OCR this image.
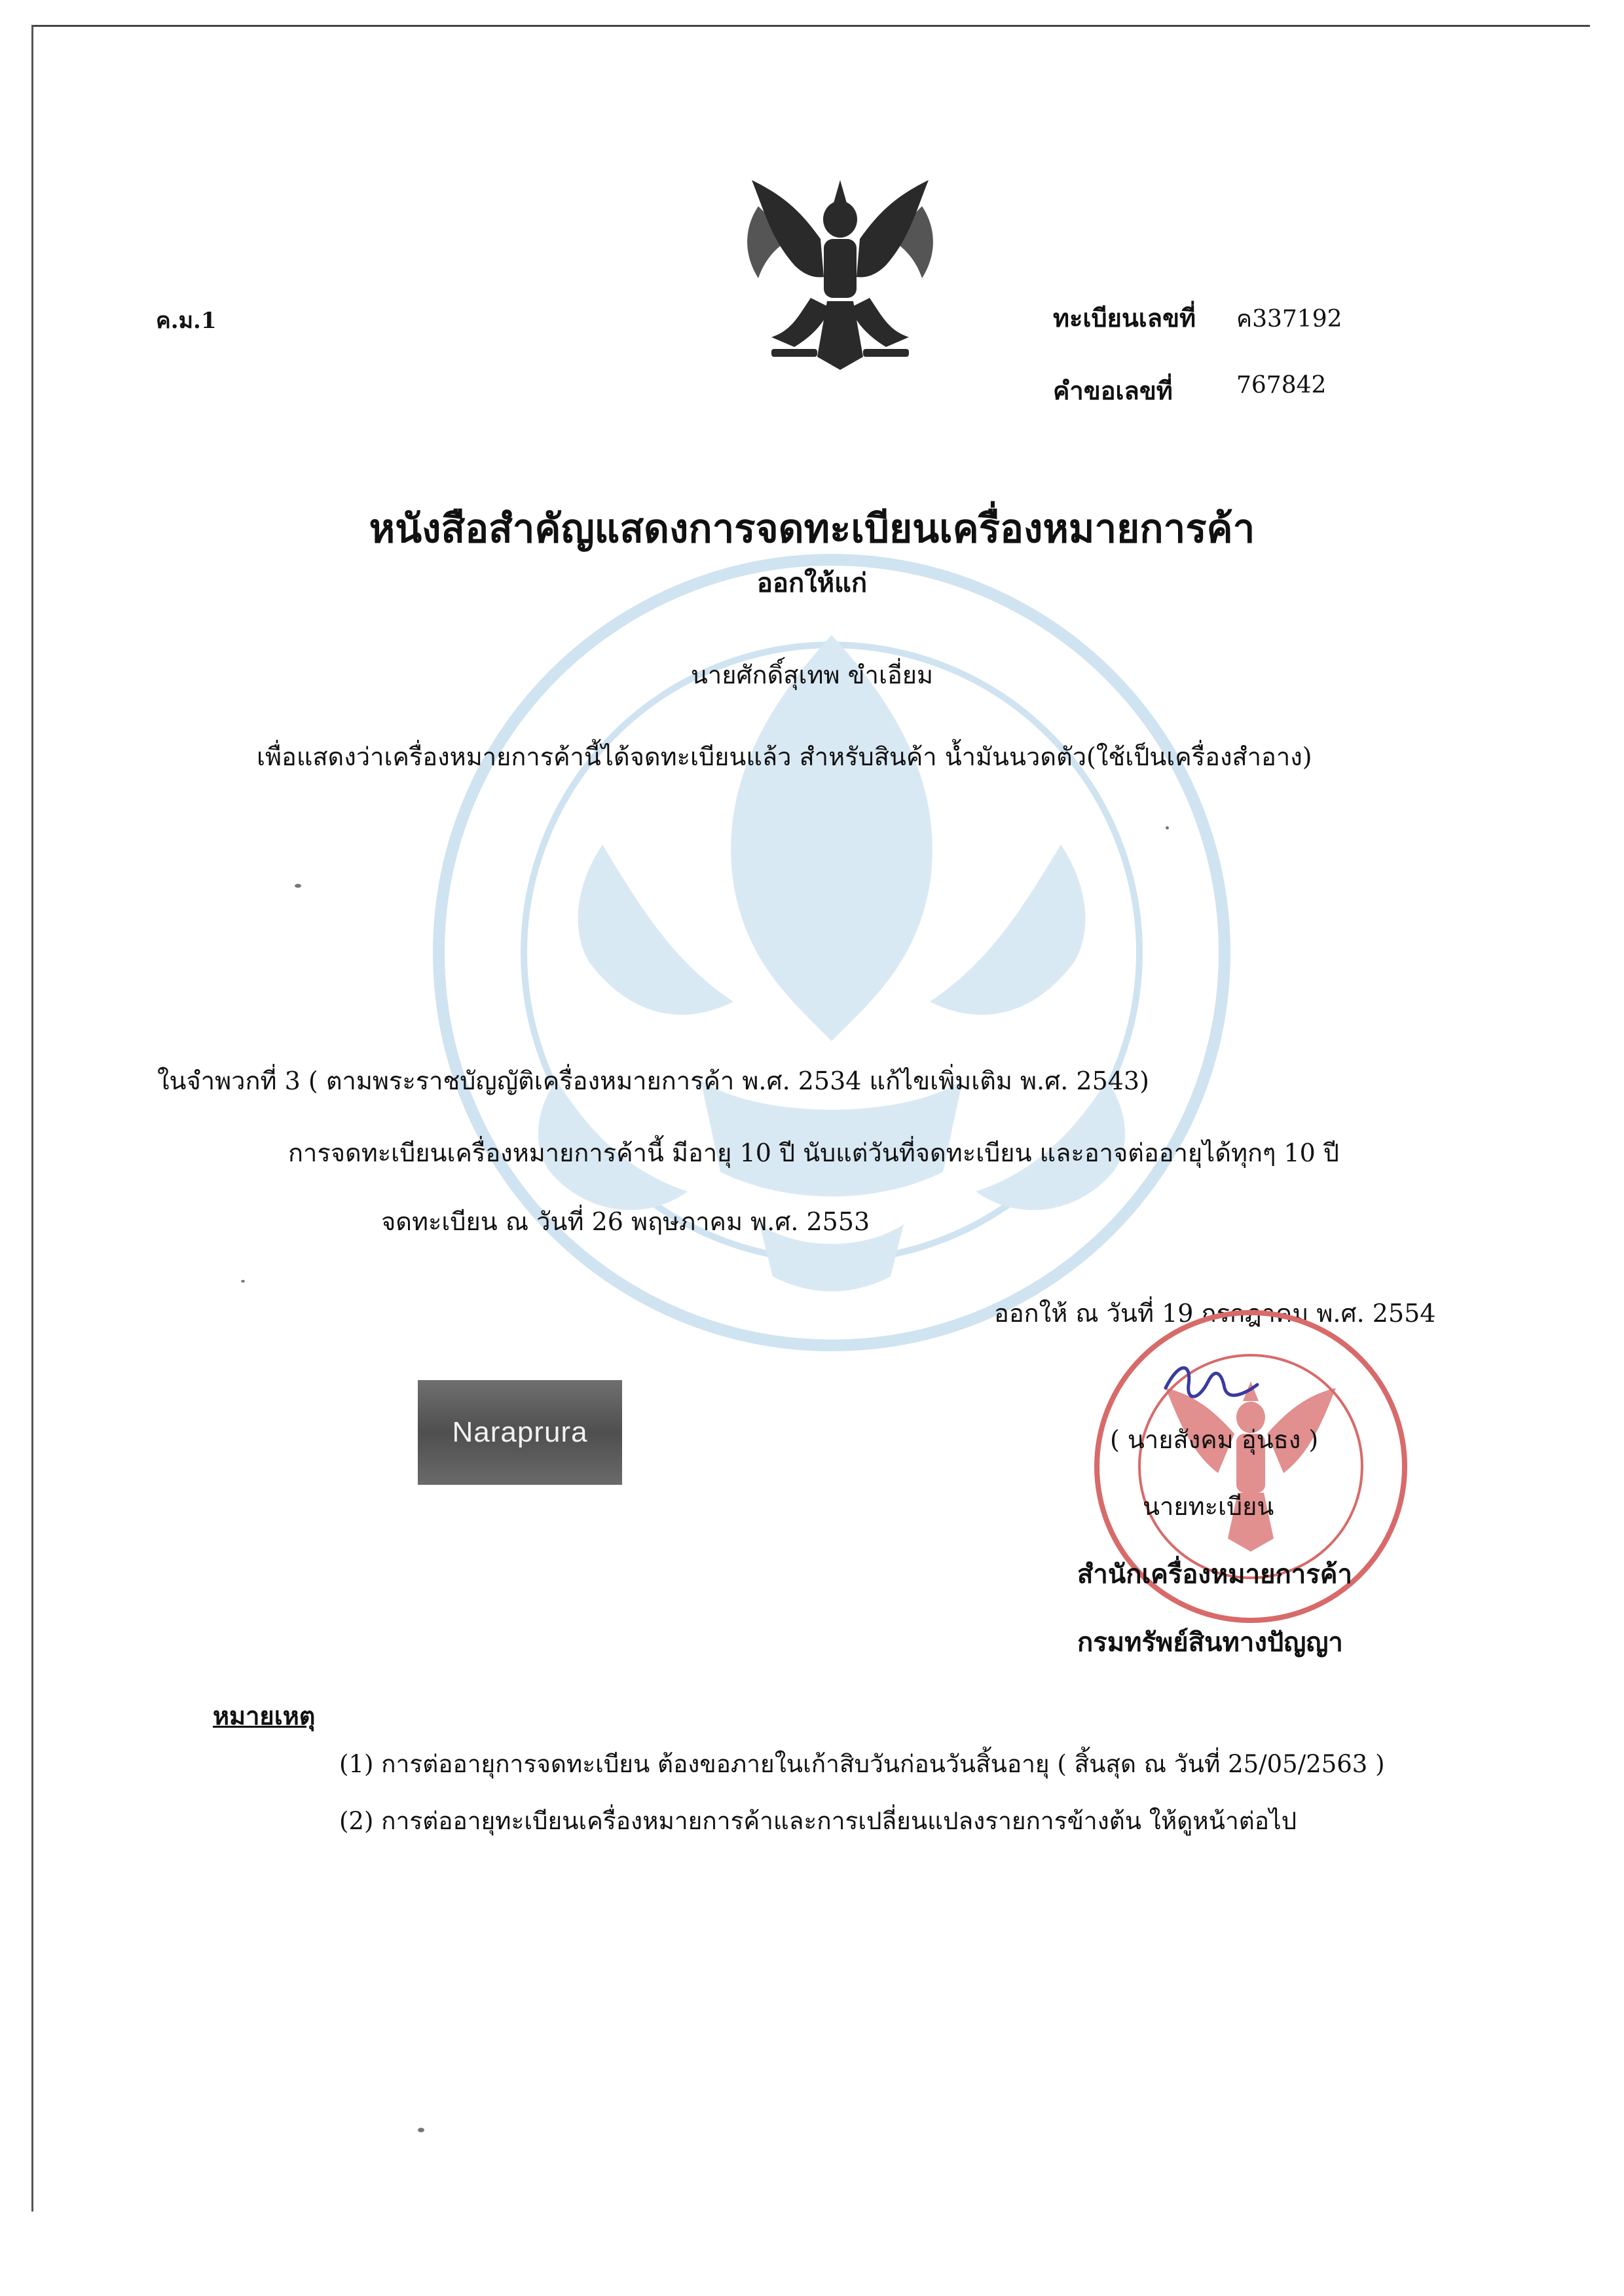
ค.ม.1	ทะเบียนเลขที่ ค337192
คำขอเลขที่	767842
หนังสือสำคัญแสดงการจดทะเบียนเครื่องหมายการค้า
ออกให้แก่
นายศักดิ์สุเทพ ขำเอี่ยม
เพื่อแสดงว่าเครื่องหมายการค้านี้ได้จดทะเบียนแล้ว สำหรับสินค้า น้ำมันนวดตัว(ใช้เป็นเครื่องสำอาง)
ในจำพวกที่ 3 ( ตามพระราชบัญญัติเครื่องหมายการค้า พ.ศ. 2534 แก้ไขเพิ่มเติม พ.ศ. 2543)
การจดทะเบียนเครื่องหมายการค้านี้ มีอายุ 10 ปี นับแต่วันที่จดทะเบียน และอาจต่ออายุได้ทุกๆ 10 ปี
จดทะเบียน ณ วันที่ 26 พฤษภาคม พ.ศ. 2553
ออกให้ ณ วันที่ 19 กรกฎาคม พ.ศ. 2554
Naraprura	( นายสังคม อุ่นธง )
นายทะเบียน
สำนักเครื่องหมายการค้า
กรมทรัพย์สินทางปัญญา
หมายเหตุ
(1) การต่ออายุการจดทะเบียน ต้องขอภายในเก้าสิบวันก่อนวันสิ้นอายุ ( สิ้นสุด ณ วันที่ 25/05/2563 )
(2) การต่ออายุทะเบียนเครื่องหมายการค้าและการเปลี่ยนแปลงรายการข้างต้น ให้ดูหน้าต่อไป
